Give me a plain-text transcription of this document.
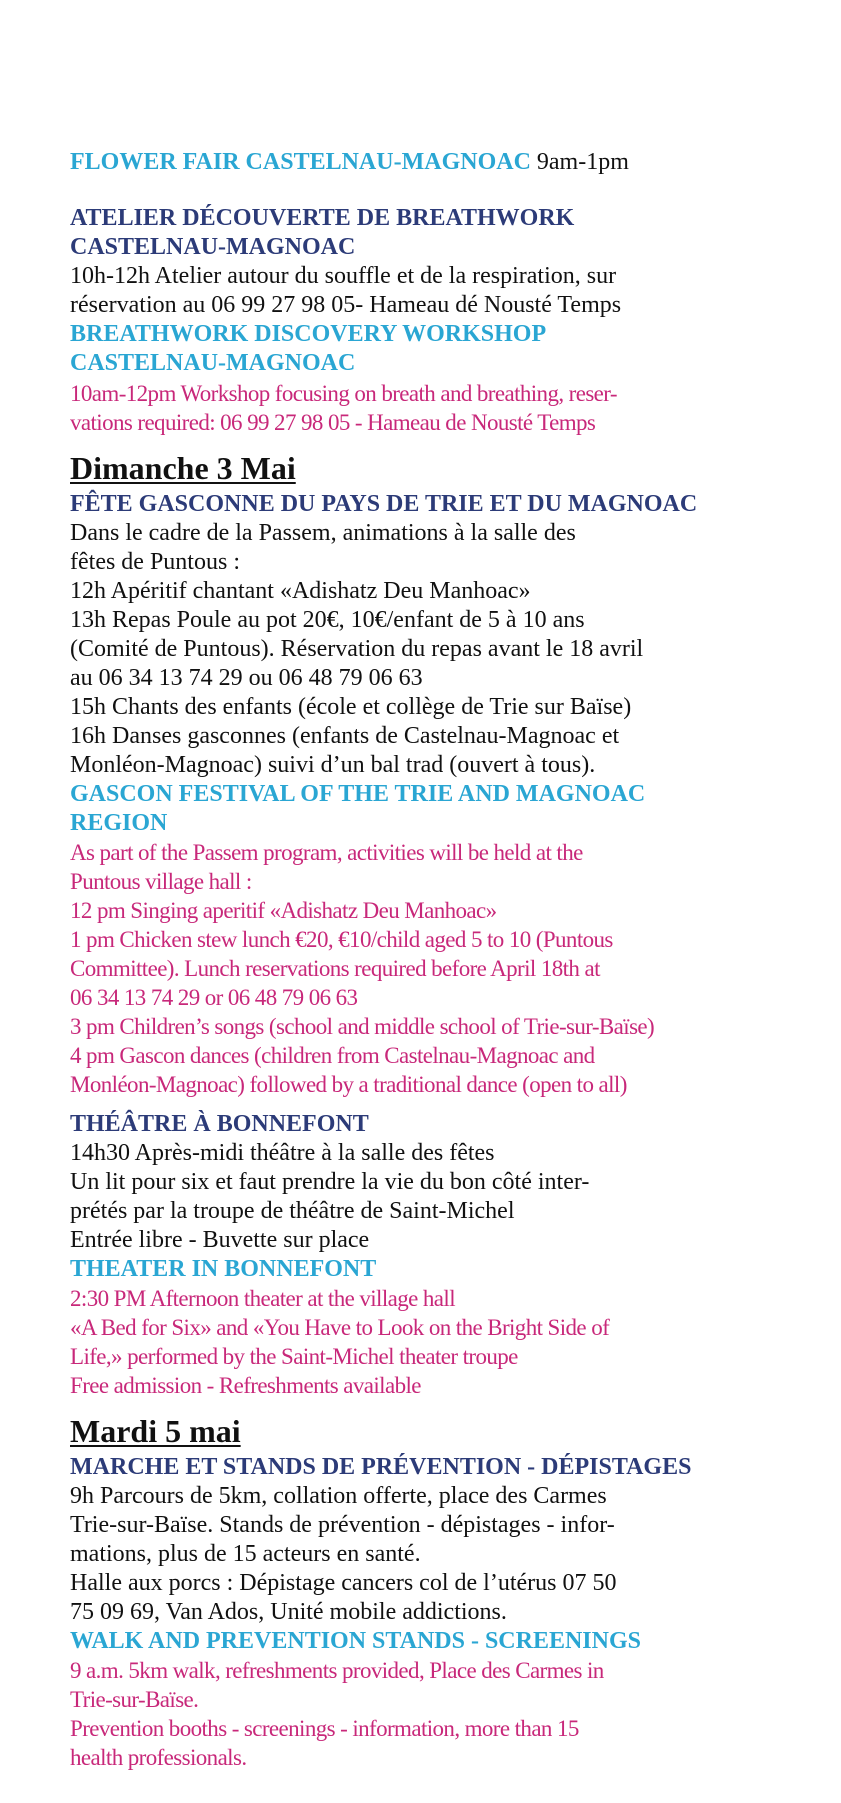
FLOWER FAIR CASTELNAU-MAGNOAC 9am-1pm
ATELIER DÉCOUVERTE DE BREATHWORK
CASTELNAU-MAGNOAC
10h-12h Atelier autour du souffle et de la respiration, sur
réservation au 06 99 27 98 05- Hameau dé Nousté Temps
BREATHWORK DISCOVERY WORKSHOP
CASTELNAU-MAGNOAC
10am-12pm Workshop focusing on breath and breathing, reser-
vations required: 06 99 27 98 05 - Hameau de Nousté Temps
Dimanche 3 Mai
FÊTE GASCONNE DU PAYS DE TRIE ET DU MAGNOAC
Dans le cadre de la Passem, animations à la salle des
fêtes de Puntous :
12h Apéritif chantant «Adishatz Deu Manhoac»
13h Repas Poule au pot 20€, 10€/enfant de 5 à 10 ans
(Comité de Puntous). Réservation du repas avant le 18 avril
au 06 34 13 74 29 ou 06 48 79 06 63
15h Chants des enfants (école et collège de Trie sur Baïse)
16h Danses gasconnes (enfants de Castelnau-Magnoac et
Monléon-Magnoac) suivi d’un bal trad (ouvert à tous).
GASCON FESTIVAL OF THE TRIE AND MAGNOAC
REGION
As part of the Passem program, activities will be held at the
Puntous village hall :
12 pm Singing aperitif «Adishatz Deu Manhoac»
1 pm Chicken stew lunch €20, €10/child aged 5 to 10 (Puntous
Committee). Lunch reservations required before April 18th at
06 34 13 74 29 or 06 48 79 06 63
3 pm Children’s songs (school and middle school of Trie-sur-Baïse)
4 pm Gascon dances (children from Castelnau-Magnoac and
Monléon-Magnoac) followed by a traditional dance (open to all)
THÉÂTRE À BONNEFONT
14h30 Après-midi théâtre à la salle des fêtes
Un lit pour six et faut prendre la vie du bon côté inter-
prétés par la troupe de théâtre de Saint-Michel
Entrée libre - Buvette sur place
THEATER IN BONNEFONT
2:30 PM Afternoon theater at the village hall
«A Bed for Six» and «You Have to Look on the Bright Side of
Life,» performed by the Saint-Michel theater troupe
Free admission - Refreshments available
Mardi 5 mai
MARCHE ET STANDS DE PRÉVENTION - DÉPISTAGES
9h Parcours de 5km, collation offerte, place des Carmes
Trie-sur-Baïse. Stands de prévention - dépistages - infor-
mations, plus de 15 acteurs en santé.
Halle aux porcs : Dépistage cancers col de l’utérus 07 50
75 09 69, Van Ados, Unité mobile addictions.
WALK AND PREVENTION STANDS - SCREENINGS
9 a.m. 5km walk, refreshments provided, Place des Carmes in
Trie-sur-Baïse.
Prevention booths - screenings - information, more than 15
health professionals.
